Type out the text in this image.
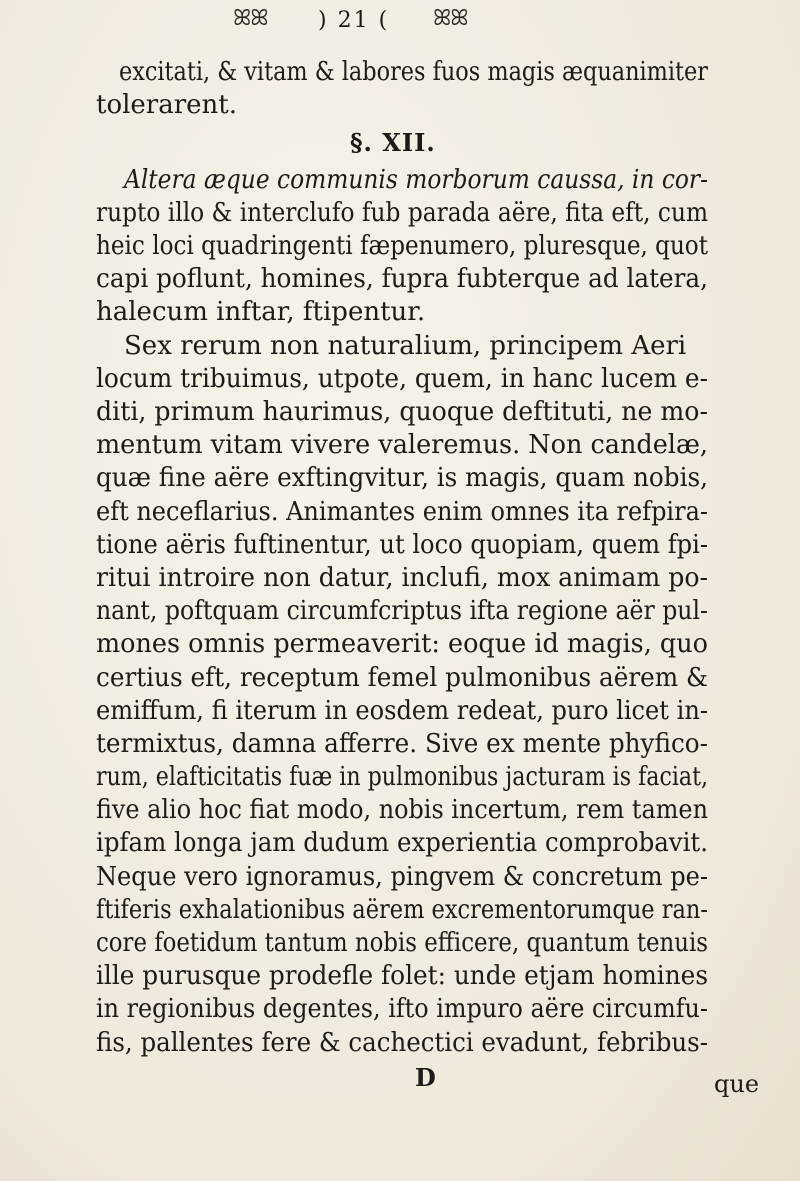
ꕤꕤ ) 21 ( ꕤꕤ
excitati, & vitam & labores fuos magis æquanimiter
tolerarent.
§. XII.
Altera æque communis morborum caussa, in cor-
rupto illo & interclufo fub parada aëre, fita eft, cum
heic loci quadringenti fæpenumero, pluresque, quot
capi poflunt, homines, fupra fubterque ad latera,
halecum inftar, ftipentur.
Sex rerum non naturalium, principem Aeri
locum tribuimus, utpote, quem, in hanc lucem e-
diti, primum haurimus, quoque deftituti, ne mo-
mentum vitam vivere valeremus. Non candelæ,
quæ fine aëre exftingvitur, is magis, quam nobis,
eft neceflarius. Animantes enim omnes ita refpira-
tione aëris fuftinentur, ut loco quopiam, quem fpi-
ritui introire non datur, inclufi, mox animam po-
nant, poftquam circumfcriptus ifta regione aër pul-
mones omnis permeaverit: eoque id magis, quo
certius eft, receptum femel pulmonibus aërem &
emiffum, fi iterum in eosdem redeat, puro licet in-
termixtus, damna afferre. Sive ex mente phyfico-
rum, elafticitatis fuæ in pulmonibus jacturam is faciat,
five alio hoc fiat modo, nobis incertum, rem tamen
ipfam longa jam dudum experientia comprobavit.
Neque vero ignoramus, pingvem & concretum pe-
ftiferis exhalationibus aërem excrementorumque ran-
core foetidum tantum nobis efficere, quantum tenuis
ille purusque prodefle folet: unde etjam homines
in regionibus degentes, ifto impuro aëre circumfu-
fis, pallentes fere & cachectici evadunt, febribus-
D	que
